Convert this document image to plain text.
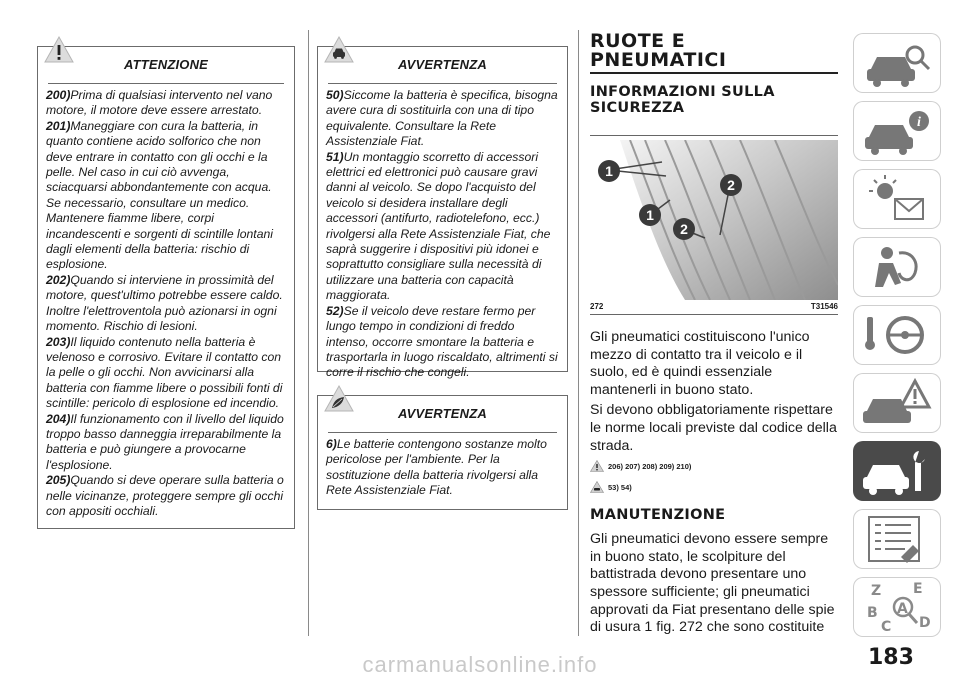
ATTENZIONE

200)Prima di qualsiasi intervento nel vano motore, il motore deve essere arrestato.

201)Maneggiare con cura la batteria, in quanto contiene acido solforico che non deve entrare in contatto con gli occhi e la pelle. Nel caso in cui ciò avvenga, sciacquarsi abbondantemente con acqua. Se necessario, consultare un medico. Mantenere fiamme libere, corpi incandescenti e sorgenti di scintille lontani dagli elementi della batteria: rischio di esplosione.

202)Quando si interviene in prossimità del motore, quest'ultimo potrebbe essere caldo. Inoltre l'elettroventola può azionarsi in ogni momento. Rischio di lesioni.

203)Il liquido contenuto nella batteria è velenoso e corrosivo. Evitare il contatto con la pelle o gli occhi. Non avvicinarsi alla batteria con fiamme libere o possibili fonti di scintille: pericolo di esplosione ed incendio.

204)Il funzionamento con il livello del liquido troppo basso danneggia irreparabilmente la batteria e può giungere a provocarne l'esplosione.

205)Quando si deve operare sulla batteria o nelle vicinanze, proteggere sempre gli occhi con appositi occhiali.

AVVERTENZA

50)Siccome la batteria è specifica, bisogna avere cura di sostituirla con una di tipo equivalente. Consultare la Rete Assistenziale Fiat.

51)Un montaggio scorretto di accessori elettrici ed elettronici può causare gravi danni al veicolo. Se dopo l'acquisto del veicolo si desidera installare degli accessori (antifurto, radiotelefono, ecc.) rivolgersi alla Rete Assistenziale Fiat, che saprà suggerire i dispositivi più idonei e soprattutto consigliare sulla necessità di utilizzare una batteria con capacità maggiorata.

52)Se il veicolo deve restare fermo per lungo tempo in condizioni di freddo intenso, occorre smontare la batteria e trasportarla in luogo riscaldato, altrimenti si corre il rischio che congeli.

AVVERTENZA

6)Le batterie contengono sostanze molto pericolose per l'ambiente. Per la sostituzione della batteria rivolgersi alla Rete Assistenziale Fiat.

RUOTE E
PNEUMATICI
INFORMAZIONI SULLA
SICUREZZA
1
2
1
2
272	T31546

Gli pneumatici costituiscono l'unico mezzo di contatto tra il veicolo e il suolo, ed è quindi essenziale mantenerli in buono stato.

Si devono obbligatoriamente rispettare le norme locali previste dal codice della strada.

206) 207) 208) 209) 210)
53) 54)
MANUTENZIONE

Gli pneumatici devono essere sempre in buono stato, le scolpiture del battistrada devono presentare uno spessore sufficiente; gli pneumatici approvati da Fiat presentano delle spie di usura 1 fig. 272 che sono costituite

i
Z E
B A
C D
183
carmanualsonline.info
